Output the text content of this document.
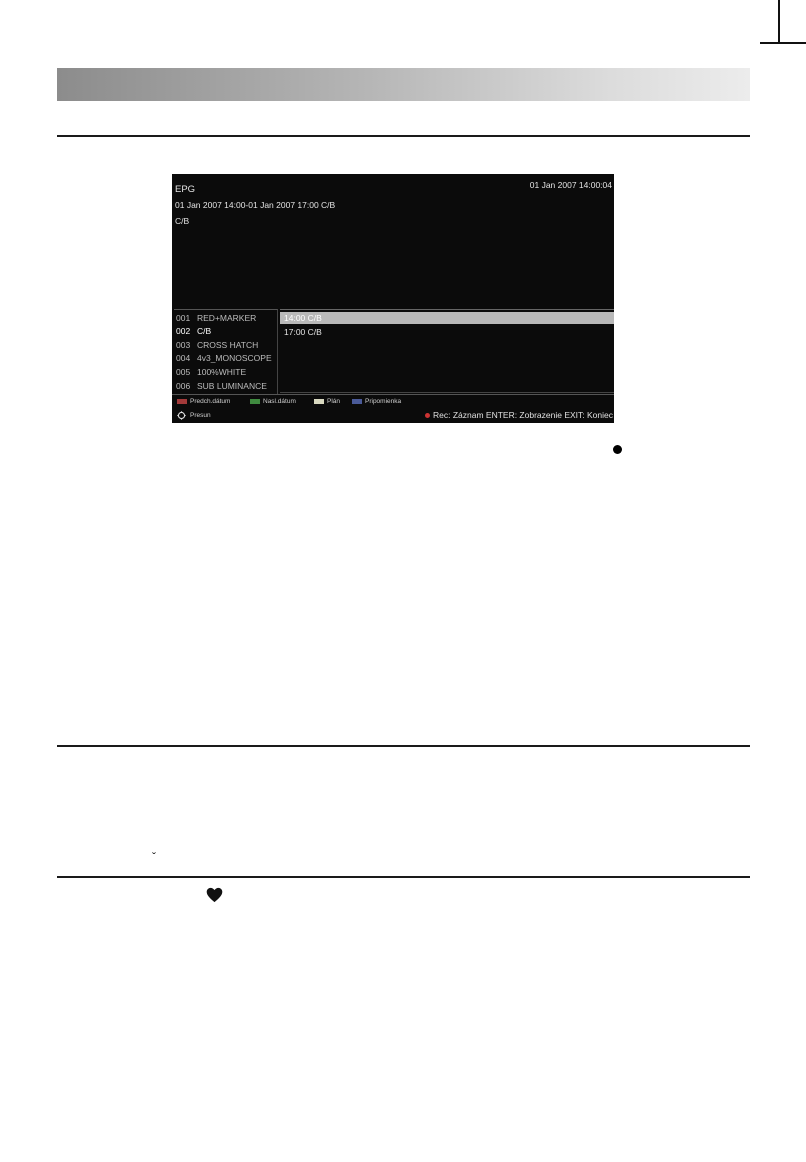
EPG	01 Jan 2007 14:00:04
01 Jan 2007 14:00-01 Jan 2007 17:00 C/B
C/B
001 RED+MARKER
002 C/B
003 CROSS HATCH
004 4v3_MONOSCOPE
005 100%WHITE
006 SUB LUMINANCE
14:00 C/B
17:00 C/B
Predch.dátum	Nasl.dátum	Plán	Pripomienka
Presun	Rec: Záznam ENTER: Zobrazenie EXIT: Koniec
ˇ
